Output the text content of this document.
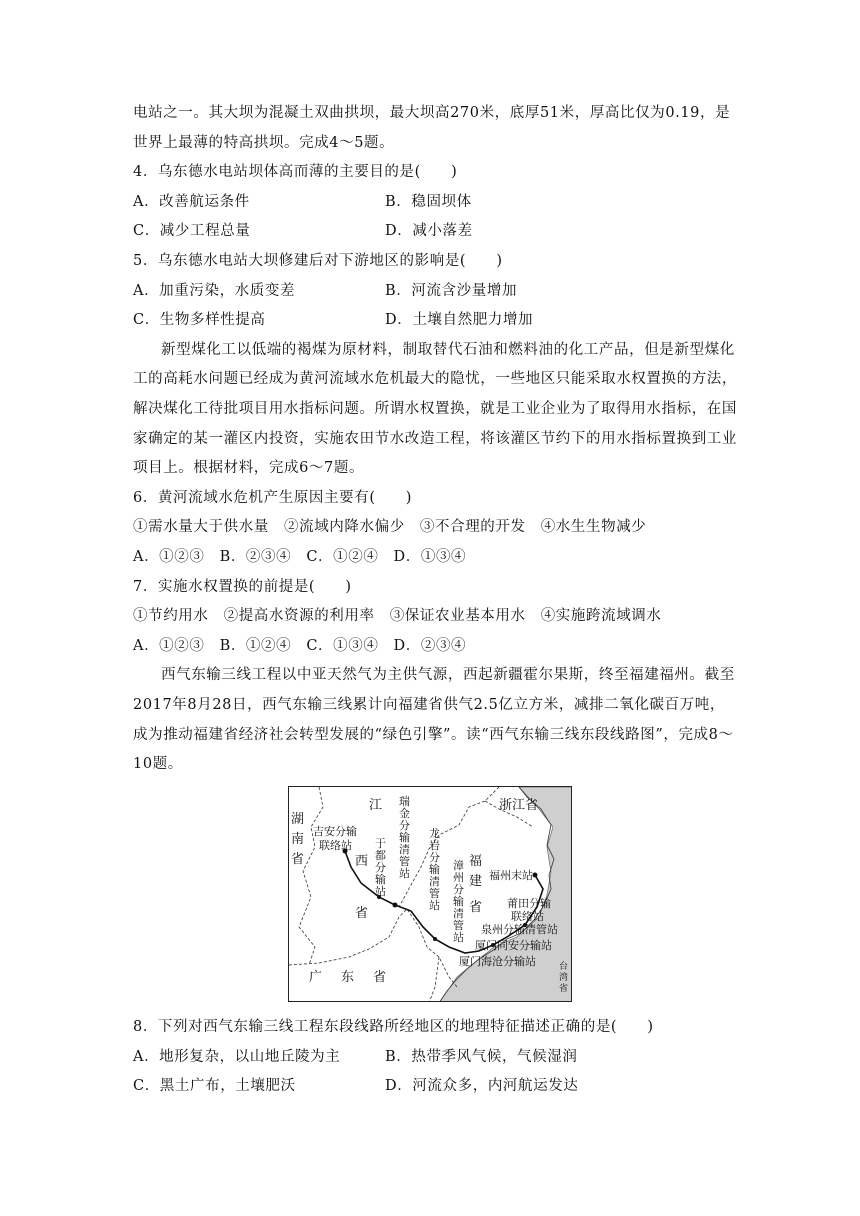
电站之一。其大坝为混凝土双曲拱坝，最大坝高270米，底厚51米，厚高比仅为0.19，是
世界上最薄的特高拱坝。完成4～5题。
4．乌东德水电站坝体高而薄的主要目的是(　　)
A．改善航运条件	B．稳固坝体
C．减少工程总量	D．减小落差
5．乌东德水电站大坝修建后对下游地区的影响是(　　)
A．加重污染，水质变差	B．河流含沙量增加
C．生物多样性提高	D．土壤自然肥力增加
新型煤化工以低端的褐煤为原材料，制取替代石油和燃料油的化工产品，但是新型煤化
工的高耗水问题已经成为黄河流域水危机最大的隐忧，一些地区只能采取水权置换的方法，
解决煤化工待批项目用水指标问题。所谓水权置换，就是工业企业为了取得用水指标，在国
家确定的某一灌区内投资，实施农田节水改造工程，将该灌区节约下的用水指标置换到工业
项目上。根据材料，完成6～7题。
6．黄河流域水危机产生原因主要有(　　)
①需水量大于供水量　②流域内降水偏少　③不合理的开发　④水生生物减少
A．①②③　B．②③④　C．①②④　D．①③④
7．实施水权置换的前提是(　　)
①节约用水　②提高水资源的利用率　③保证农业基本用水　④实施跨流域调水
A．①②③　B．①②④　C．①③④　D．②③④
西气东输三线工程以中亚天然气为主供气源，西起新疆霍尔果斯，终至福建福州。截至
2017年8月28日，西气东输三线累计向福建省供气2.5亿立方米，减排二氧化碳百万吨，
成为推动福建省经济社会转型发展的“绿色引擎”。读“西气东输三线东段线路图”，完成8～
10题。
浙江省
湖
南
省
江
西
省
福
建
省
广 东 省
台
湾
省
吉安分输
联络站
瑞
金
分
输
清
管
站
于
都
分
输
站
龙
岩
分
输
清
管
站
漳
州
分
输
清
管
站
福州末站
莆田分输
联络站
泉州分输清管站
厦门同安分输站
厦门海沧分输站
8．下列对西气东输三线工程东段线路所经地区的地理特征描述正确的是(　　)
A．地形复杂，以山地丘陵为主	B．热带季风气候，气候湿润
C．黑土广布，土壤肥沃	D．河流众多，内河航运发达
